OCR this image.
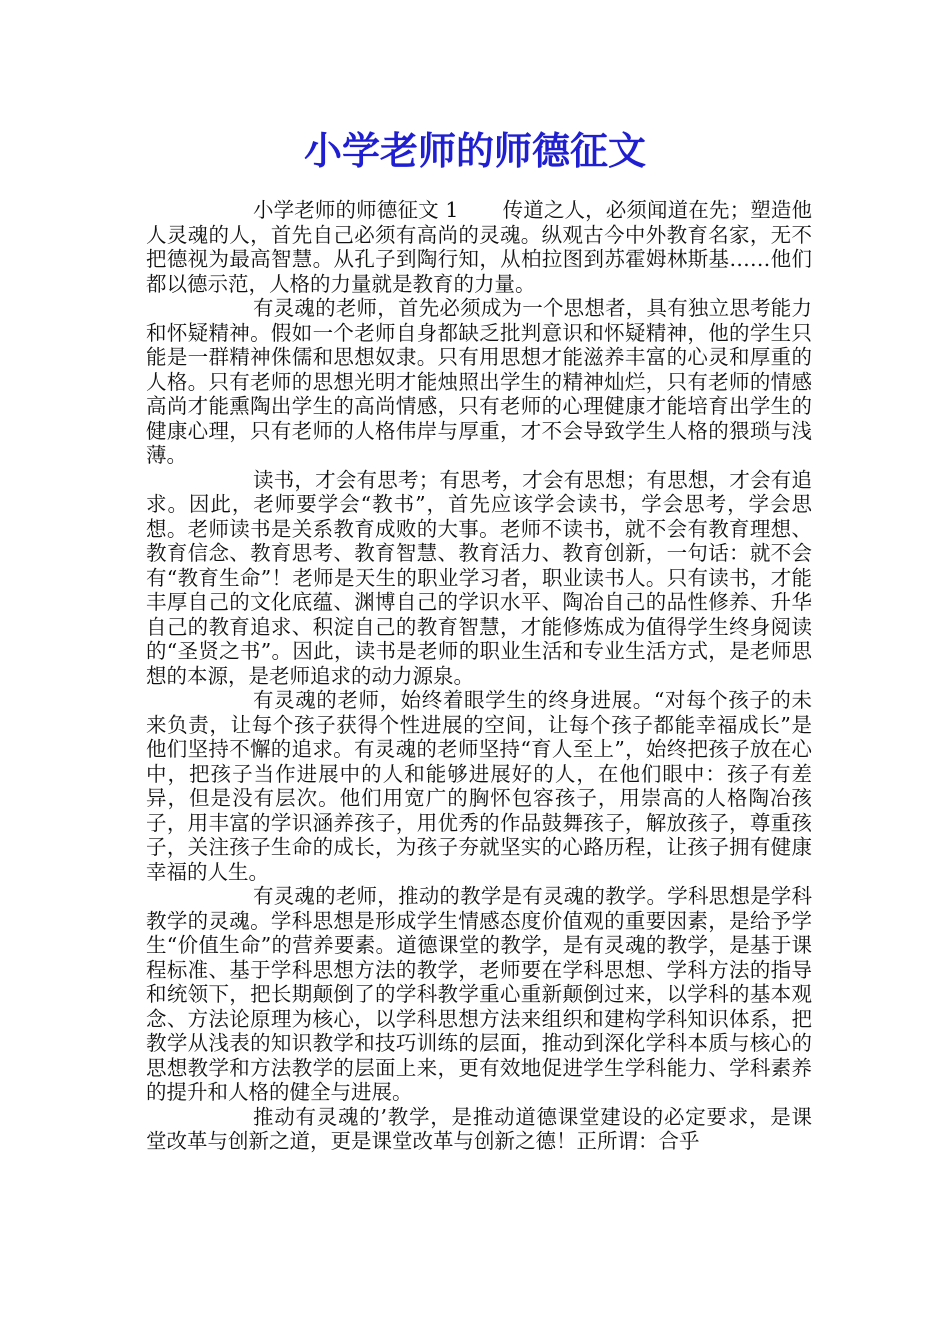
小学老师的师德征文

小学老师的师德征文 1 传道之人，必须闻道在先；塑造他人灵魂的人，首先自己必须有高尚的灵魂。纵观古今中外教育名家，无不把德视为最高智慧。从孔子到陶行知，从柏拉图到苏霍姆林斯基……他们都以德示范，人格的力量就是教育的力量。

有灵魂的老师，首先必须成为一个思想者，具有独立思考能力和怀疑精神。假如一个老师自身都缺乏批判意识和怀疑精神，他的学生只能是一群精神侏儒和思想奴隶。只有用思想才能滋养丰富的心灵和厚重的人格。只有老师的思想光明才能烛照出学生的精神灿烂，只有老师的情感高尚才能熏陶出学生的高尚情感，只有老师的心理健康才能培育出学生的健康心理，只有老师的人格伟岸与厚重，才不会导致学生人格的猥琐与浅薄。

读书，才会有思考；有思考，才会有思想；有思想，才会有追求。因此，老师要学会“教书”，首先应该学会读书，学会思考，学会思想。老师读书是关系教育成败的大事。老师不读书，就不会有教育理想、教育信念、教育思考、教育智慧、教育活力、教育创新，一句话：就不会有“教育生命”！老师是天生的职业学习者，职业读书人。只有读书，才能丰厚自己的文化底蕴、渊博自己的学识水平、陶冶自己的品性修养、升华自己的教育追求、积淀自己的教育智慧，才能修炼成为值得学生终身阅读的“圣贤之书”。因此，读书是老师的职业生活和专业生活方式，是老师思想的本源，是老师追求的动力源泉。

有灵魂的老师，始终着眼学生的终身进展。“对每个孩子的未来负责，让每个孩子获得个性进展的空间，让每个孩子都能幸福成长”是他们坚持不懈的追求。有灵魂的老师坚持“育人至上”，始终把孩子放在心中，把孩子当作进展中的人和能够进展好的人，在他们眼中：孩子有差异，但是没有层次。他们用宽广的胸怀包容孩子，用崇高的人格陶冶孩子，用丰富的学识涵养孩子，用优秀的作品鼓舞孩子，解放孩子，尊重孩子，关注孩子生命的成长，为孩子夯就坚实的心路历程，让孩子拥有健康幸福的人生。

有灵魂的老师，推动的教学是有灵魂的教学。学科思想是学科教学的灵魂。学科思想是形成学生情感态度价值观的重要因素，是给予学生“价值生命”的营养要素。道德课堂的教学，是有灵魂的教学，是基于课程标准、基于学科思想方法的教学，老师要在学科思想、学科方法的指导和统领下，把长期颠倒了的学科教学重心重新颠倒过来，以学科的基本观念、方法论原理为核心，以学科思想方法来组织和建构学科知识体系，把教学从浅表的知识教学和技巧训练的层面，推动到深化学科本质与核心的思想教学和方法教学的层面上来，更有效地促进学生学科能力、学科素养的提升和人格的健全与进展。

推动有灵魂的’教学，是推动道德课堂建设的必定要求，是课堂改革与创新之道，更是课堂改革与创新之德！正所谓：合乎
